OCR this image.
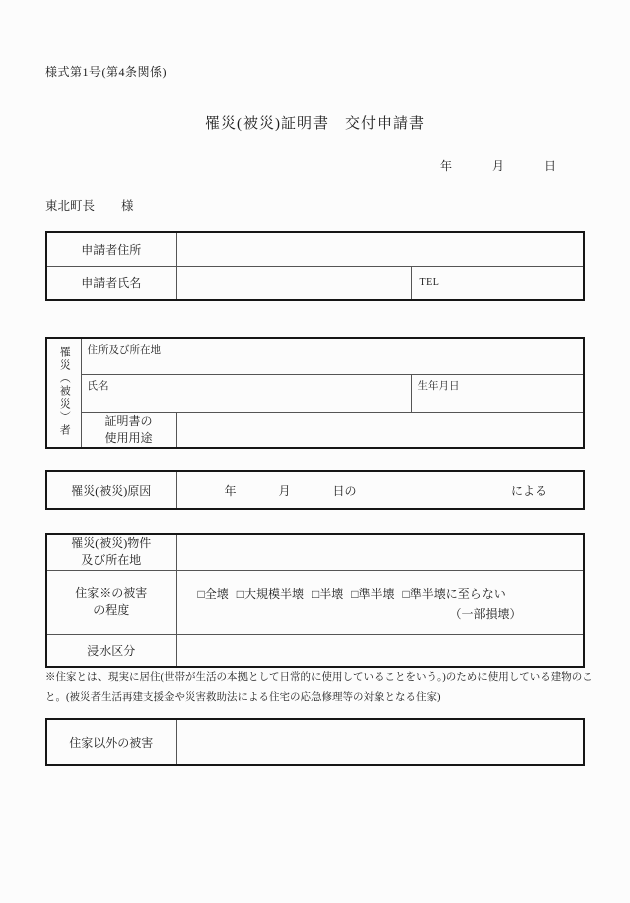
様式第1号(第4条関係)
罹災(被災)証明書　交付申請書
年	月	日
東北町長 様
申請者住所		
申請者氏名		TEL
罹災（被災）者	住所及び所在地		
	氏名		生年月日

	証明書の
使用用途		

罹災(被災)原因	年	月	日の	による
罹災(被災)物件
及び所在地	

住家※の被害
の程度

□全壊 □大規模半壊 □半壊 □準半壊 □準半壊に至らない
（一部損壊）

浸水区分	
※住家とは、現実に居住(世帯が生活の本拠として日常的に使用していることをいう。)のために使用している建物のこ
と。(被災者生活再建支援金や災害救助法による住宅の応急修理等の対象となる住家)
住家以外の被害	
